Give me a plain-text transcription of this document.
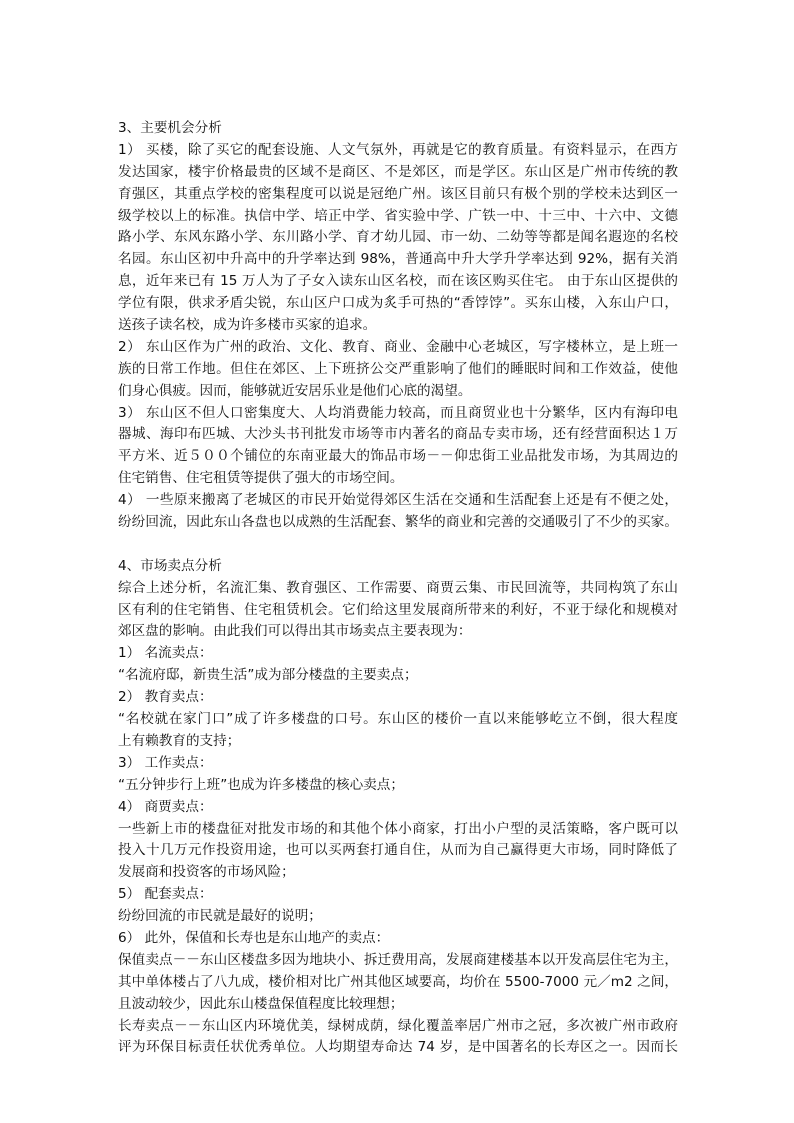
3、主要机会分析
1） 买楼，除了买它的配套设施、人文气氛外，再就是它的教育质量。有资料显示，在西方
发达国家，楼宇价格最贵的区域不是商区、不是郊区，而是学区。东山区是广州市传统的教
育强区，其重点学校的密集程度可以说是冠绝广州。该区目前只有极个别的学校未达到区一
级学校以上的标准。执信中学、培正中学、省实验中学、广铁一中、十三中、十六中、文德
路小学、东风东路小学、东川路小学、育才幼儿园、市一幼、二幼等等都是闻名遐迩的名校
名园。东山区初中升高中的升学率达到 98%，普通高中升大学升学率达到 92%，据有关消
息，近年来已有 15 万人为了子女入读东山区名校，而在该区购买住宅。 由于东山区提供的
学位有限，供求矛盾尖锐，东山区户口成为炙手可热的“香饽饽”。买东山楼，入东山户口，
送孩子读名校，成为许多楼市买家的追求。
2） 东山区作为广州的政治、文化、教育、商业、金融中心老城区，写字楼林立，是上班一
族的日常工作地。但住在郊区、上下班挤公交严重影响了他们的睡眠时间和工作效益，使他
们身心俱疲。因而，能够就近安居乐业是他们心底的渴望。
3） 东山区不但人口密集度大、人均消费能力较高，而且商贸业也十分繁华，区内有海印电
器城、海印布匹城、大沙头书刊批发市场等市内著名的商品专卖市场，还有经营面积达１万
平方米、近５００个铺位的东南亚最大的饰品市场－－仰忠街工业品批发市场，为其周边的
住宅销售、住宅租赁等提供了强大的市场空间。
4） 一些原来搬离了老城区的市民开始觉得郊区生活在交通和生活配套上还是有不便之处，
纷纷回流，因此东山各盘也以成熟的生活配套、繁华的商业和完善的交通吸引了不少的买家。
4、市场卖点分析
综合上述分析，名流汇集、教育强区、工作需要、商贾云集、市民回流等，共同构筑了东山
区有利的住宅销售、住宅租赁机会。它们给这里发展商所带来的利好，不亚于绿化和规模对
郊区盘的影响。由此我们可以得出其市场卖点主要表现为：
1） 名流卖点：
“名流府邸，新贵生活”成为部分楼盘的主要卖点；
2） 教育卖点：
“名校就在家门口”成了许多楼盘的口号。东山区的楼价一直以来能够屹立不倒，很大程度
上有赖教育的支持；
3） 工作卖点：
“五分钟步行上班”也成为许多楼盘的核心卖点；
4） 商贾卖点：
一些新上市的楼盘征对批发市场的和其他个体小商家，打出小户型的灵活策略，客户既可以
投入十几万元作投资用途，也可以买两套打通自住，从而为自己赢得更大市场，同时降低了
发展商和投资客的市场风险；
5） 配套卖点：
纷纷回流的市民就是最好的说明；
6） 此外，保值和长寿也是东山地产的卖点：
保值卖点－－东山区楼盘多因为地块小、拆迁费用高，发展商建楼基本以开发高层住宅为主，
其中单体楼占了八九成，楼价相对比广州其他区域要高，均价在 5500-7000 元／m2 之间，
且波动较少，因此东山楼盘保值程度比较理想；
长寿卖点－－东山区内环境优美，绿树成荫，绿化覆盖率居广州市之冠，多次被广州市政府
评为环保目标责任状优秀单位。人均期望寿命达 74 岁，是中国著名的长寿区之一。因而长
